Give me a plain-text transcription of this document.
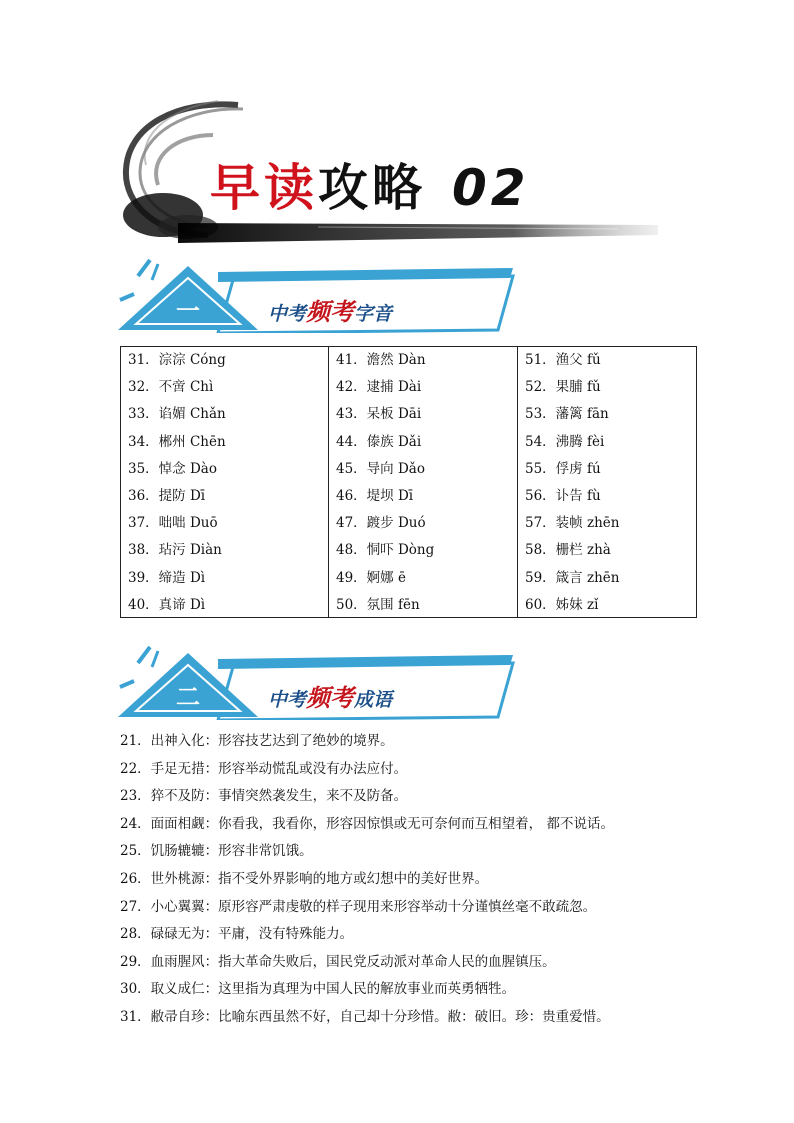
早读攻略 02
一	中考频考字音
31．淙淙 Cóng
32．不啻 Chì
33．谄媚 Chǎn
34．郴州 Chēn
35．悼念 Dào
36．提防 Dī
37．咄咄 Duō
38．玷污 Diàn
39．缔造 Dì
40．真谛 Dì
41．澹然 Dàn
42．逮捕 Dài
43．呆板 Dāi
44．傣族 Dǎi
45．导向 Dǎo
46．堤坝 Dī
47．踱步 Duó
48．恫吓 Dòng
49．婀娜 ē
50．氛围 fēn
51．渔父 fǔ
52．果脯 fǔ
53．藩篱 fān
54．沸腾 fèi
55．俘虏 fú
56．讣告 fù
57．装帧 zhēn
58．栅栏 zhà
59．箴言 zhēn
60．姊妹 zǐ
二	中考频考成语
21．出神入化：形容技艺达到了绝妙的境界。
22．手足无措：形容举动慌乱或没有办法应付。
23．猝不及防：事情突然袭发生，来不及防备。
24．面面相觑：你看我，我看你，形容因惊惧或无可奈何而互相望着， 都不说话。
25．饥肠辘辘：形容非常饥饿。
26．世外桃源：指不受外界影响的地方或幻想中的美好世界。
27．小心翼翼：原形容严肃虔敬的样子现用来形容举动十分谨慎丝毫不敢疏忽。
28．碌碌无为：平庸，没有特殊能力。
29．血雨腥风：指大革命失败后，国民党反动派对革命人民的血腥镇压。
30．取义成仁：这里指为真理为中国人民的解放事业而英勇牺牲。
31．敝帚自珍：比喻东西虽然不好，自己却十分珍惜。敝：破旧。珍：贵重爱惜。
